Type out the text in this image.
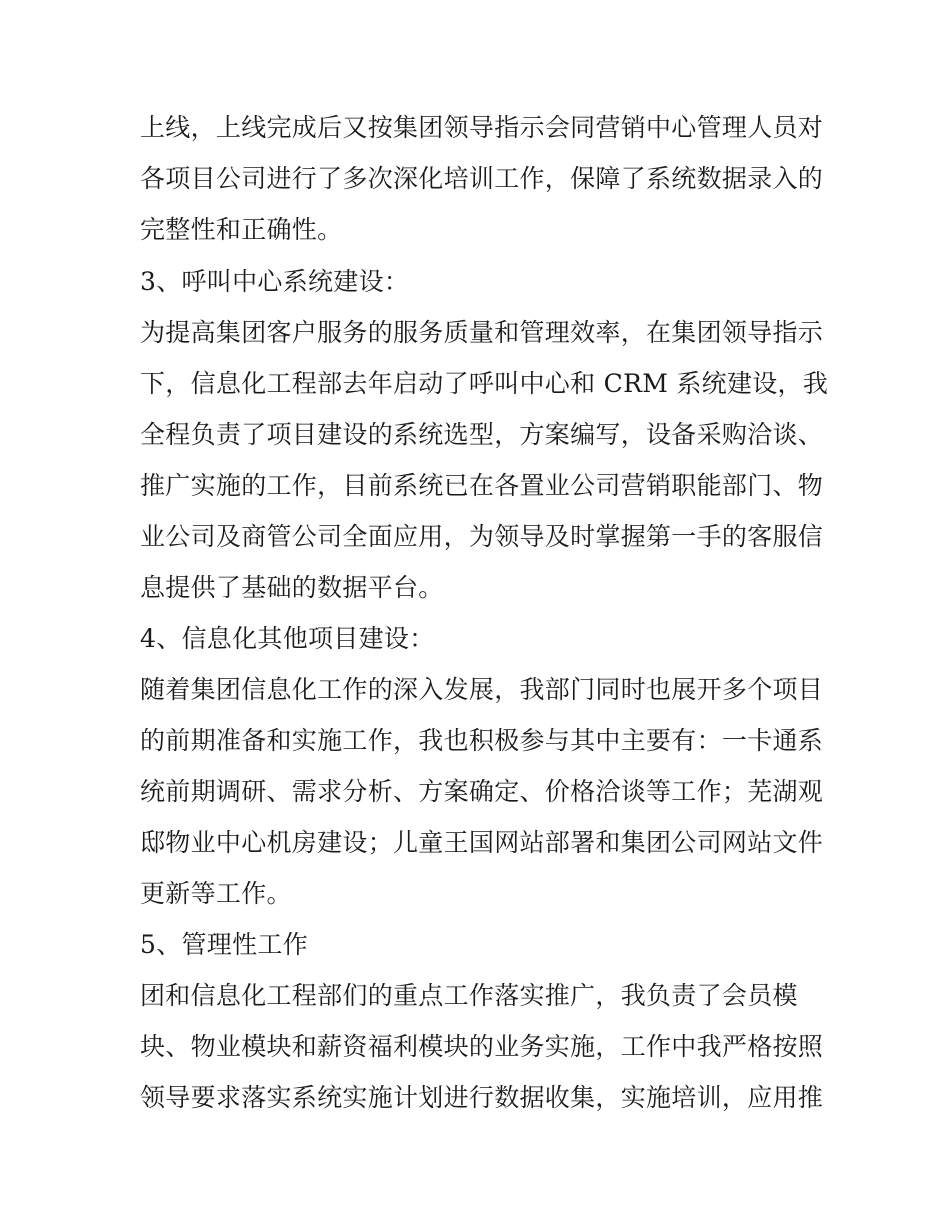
上线，上线完成后又按集团领导指示会同营销中心管理人员对
各项目公司进行了多次深化培训工作，保障了系统数据录入的
完整性和正确性。
3、呼叫中心系统建设：
为提高集团客户服务的服务质量和管理效率，在集团领导指示
下，信息化工程部去年启动了呼叫中心和 CRM 系统建设，我
全程负责了项目建设的系统选型，方案编写，设备采购洽谈、
推广实施的工作，目前系统已在各置业公司营销职能部门、物
业公司及商管公司全面应用，为领导及时掌握第一手的客服信
息提供了基础的数据平台。
4、信息化其他项目建设：
随着集团信息化工作的深入发展，我部门同时也展开多个项目
的前期准备和实施工作，我也积极参与其中主要有：一卡通系
统前期调研、需求分析、方案确定、价格洽谈等工作；芜湖观
邸物业中心机房建设；儿童王国网站部署和集团公司网站文件
更新等工作。
5、管理性工作
团和信息化工程部们的重点工作落实推广，我负责了会员模
块、物业模块和薪资福利模块的业务实施，工作中我严格按照
领导要求落实系统实施计划进行数据收集，实施培训，应用推
